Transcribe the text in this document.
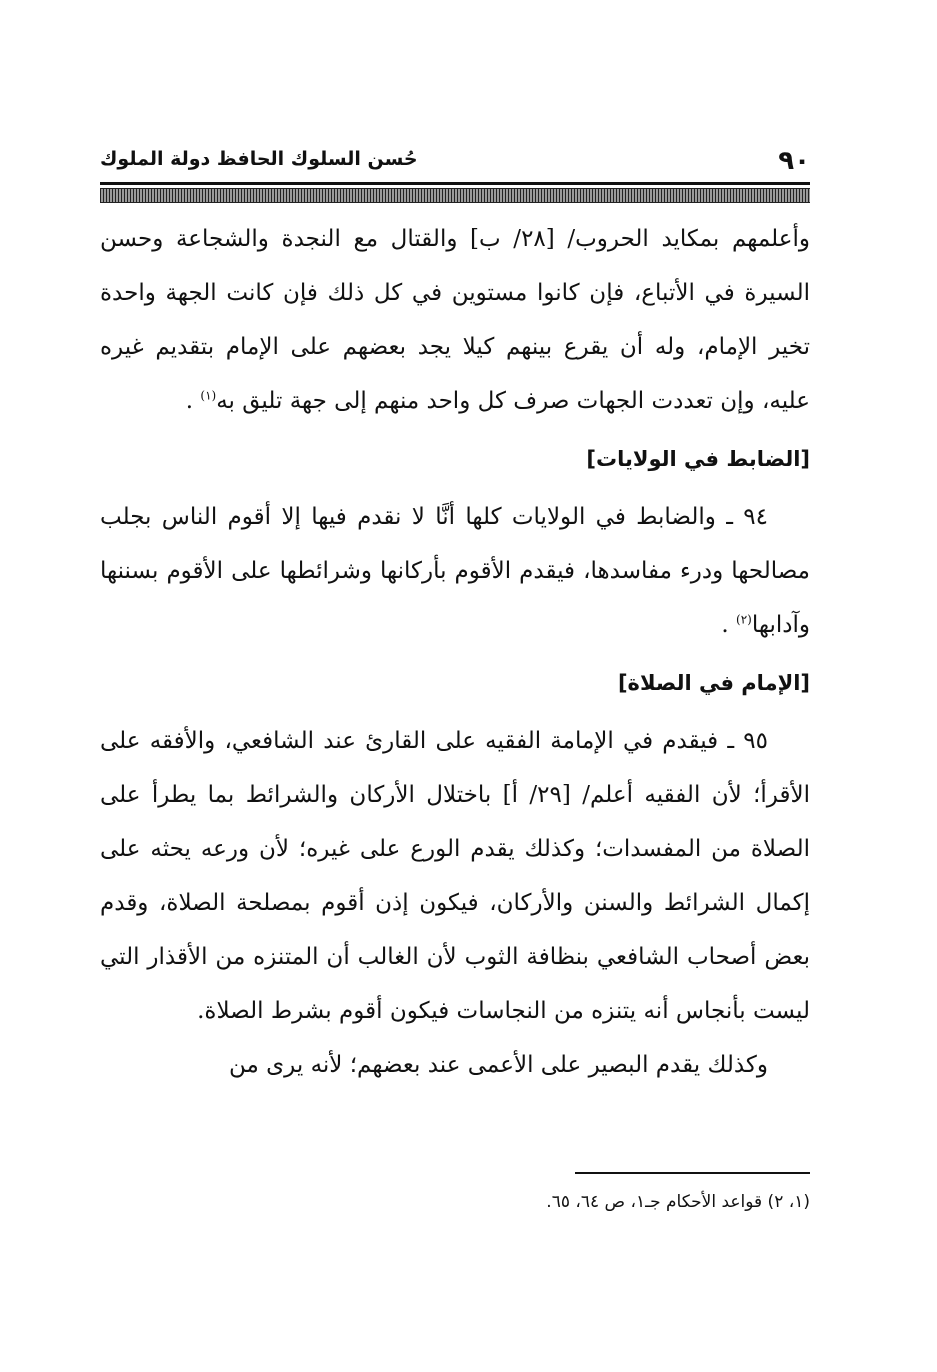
٩٠
حُسن السلوك الحافظ دولة الملوك

وأعلمهم بمكايد الحروب/ [٢٨/ ب] والقتال مع النجدة والشجاعة وحسن السيرة في الأتباع، فإن كانوا مستوين في كل ذلك فإن كانت الجهة واحدة تخير الإمام، وله أن يقرع بينهم كيلا يجد بعضهم على الإمام بتقديم غيره عليه، وإن تعددت الجهات صرف كل واحد منهم إلى جهة تليق به$^{(١)}$ .

[الضابط في الولايات]

٩٤ ـ والضابط في الولايات كلها أنَّا لا نقدم فيها إلا أقوم الناس بجلب مصالحها ودرء مفاسدها، فيقدم الأقوم بأركانها وشرائطها على الأقوم بسننها وآدابها$^{(٢)}$ .

[الإمام في الصلاة]

٩٥ ـ فيقدم في الإمامة الفقيه على القارئ عند الشافعي، والأفقه على الأقرأ؛ لأن الفقيه أعلم/ [٢٩/ أ] باختلال الأركان والشرائط بما يطرأ على الصلاة من المفسدات؛ وكذلك يقدم الورع على غيره؛ لأن ورعه يحثه على إكمال الشرائط والسنن والأركان، فيكون إذن أقوم بمصلحة الصلاة، وقدم بعض أصحاب الشافعي بنظافة الثوب لأن الغالب أن المتنزه من الأقذار التي ليست بأنجاس أنه يتنزه من النجاسات فيكون أقوم بشرط الصلاة.

وكذلك يقدم البصير على الأعمى عند بعضهم؛ لأنه يرى من

(١، ٢) قواعد الأحكام جـ١، ص ٦٤، ٦٥.
